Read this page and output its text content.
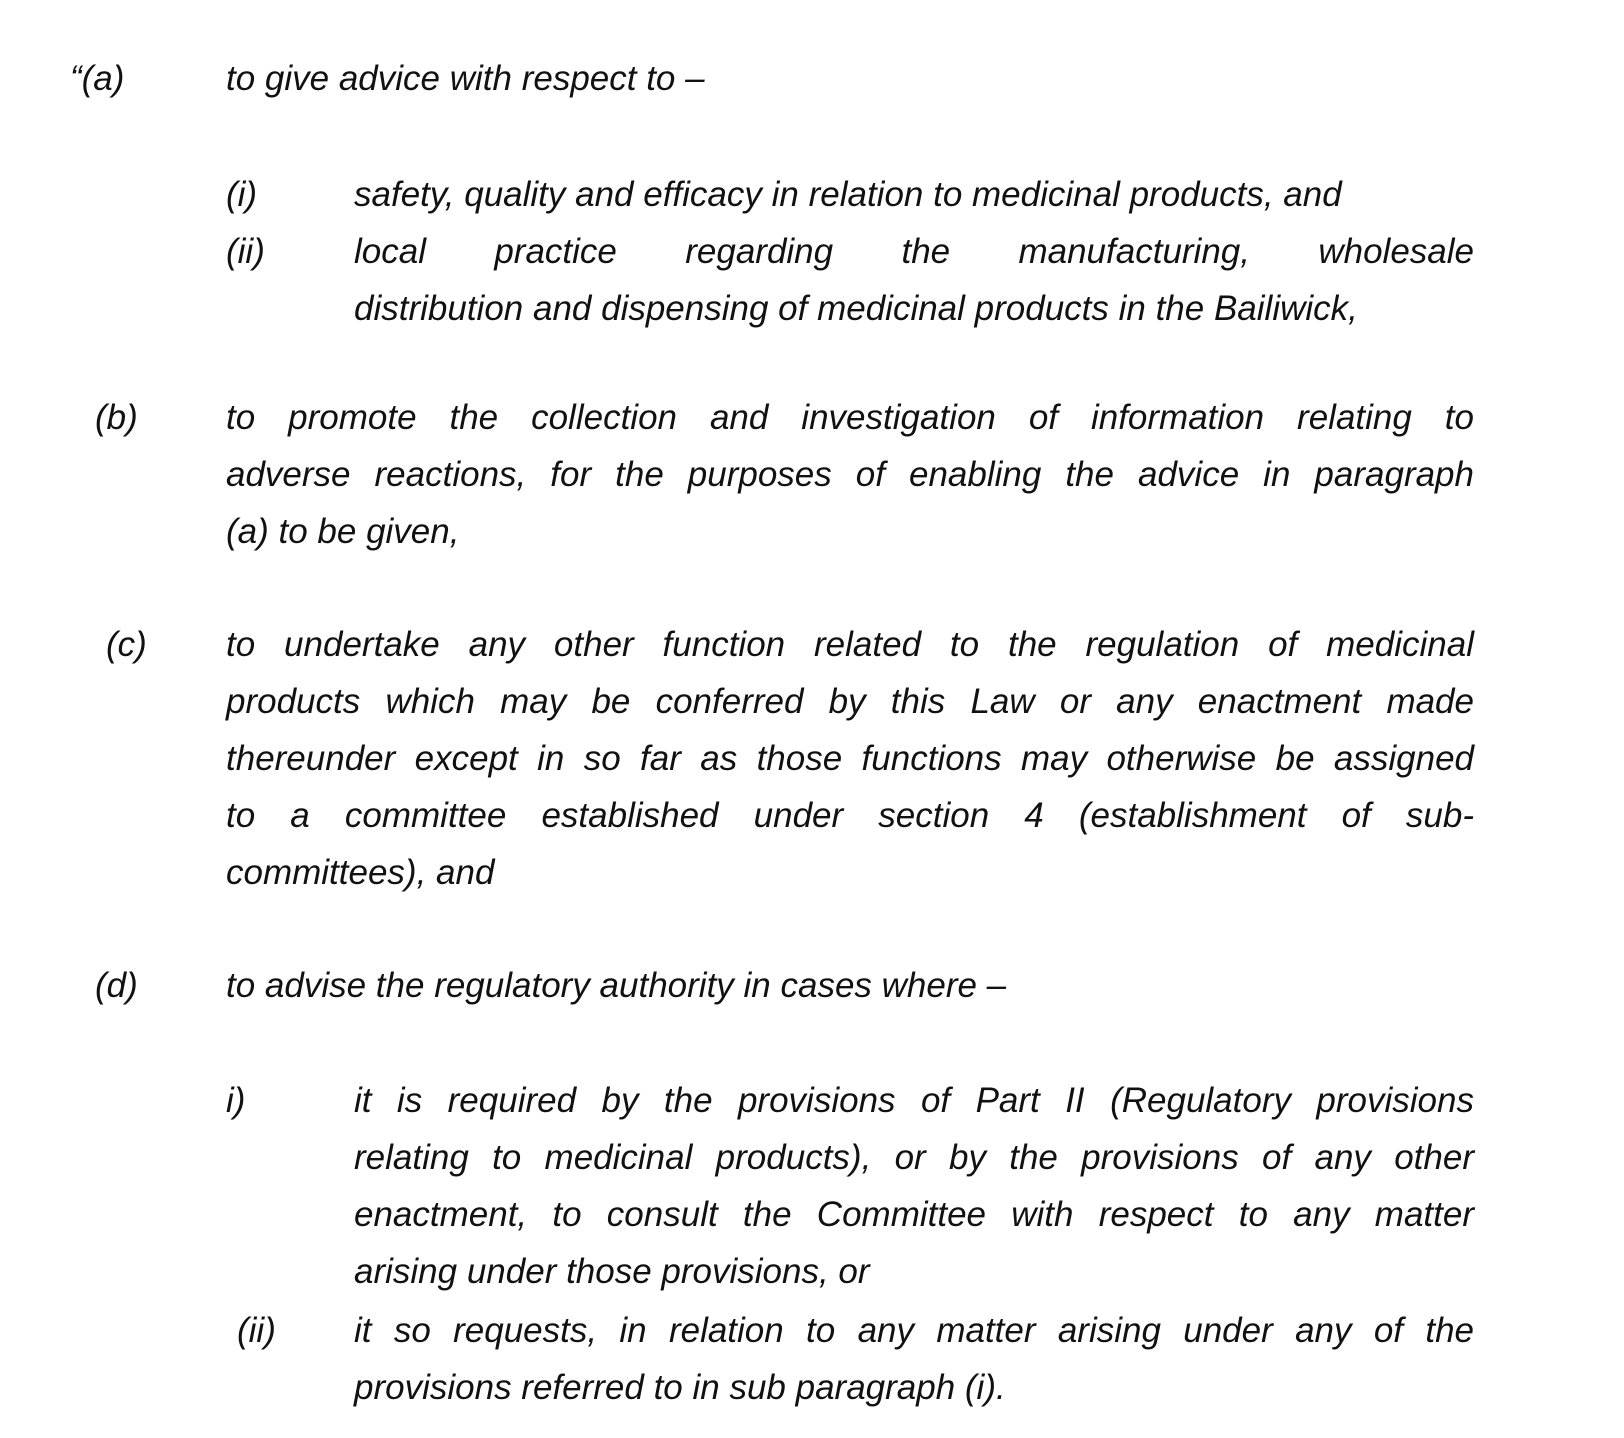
“(a)	to give advice with respect to –
(i)	safety, quality and efficacy in relation to medicinal products, and
(ii)	local practice regarding the manufacturing, wholesale
distribution and dispensing of medicinal products in the Bailiwick,
(b)	to promote the collection and investigation of information relating to
adverse reactions, for the purposes of enabling the advice in paragraph
(a) to be given,
(c) to undertake any other function related to the regulation of medicinal
products which may be conferred by this Law or any enactment made
thereunder except in so far as those functions may otherwise be assigned
to a committee established under section 4 (establishment of sub-
committees), and
(d)	to advise the regulatory authority in cases where –
i)	it is required by the provisions of Part II (Regulatory provisions
relating to medicinal products), or by the provisions of any other
enactment, to consult the Committee with respect to any matter
arising under those provisions, or
(ii) it so requests, in relation to any matter arising under any of the
provisions referred to in sub paragraph (i).
